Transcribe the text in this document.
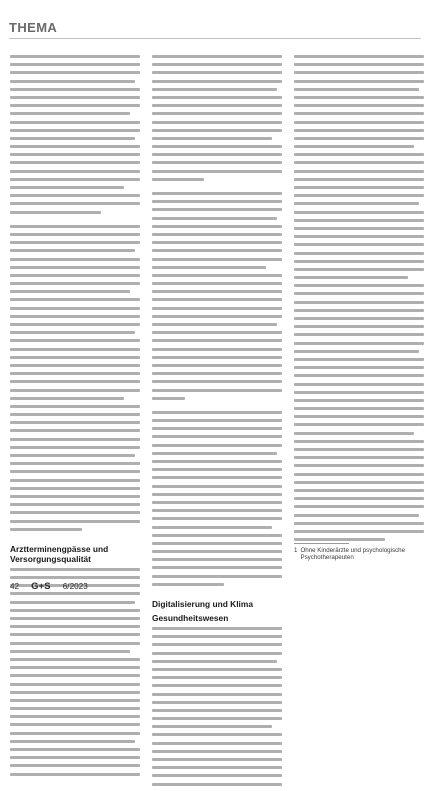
THEMA
Arztterminengpässe und Versorgungsqualität
Digitalisierung und Klima
Gesundheitswesen
1 Ohne Kinderärzte und psychologische Psychotherapeuten
42 G+S 6/2023
